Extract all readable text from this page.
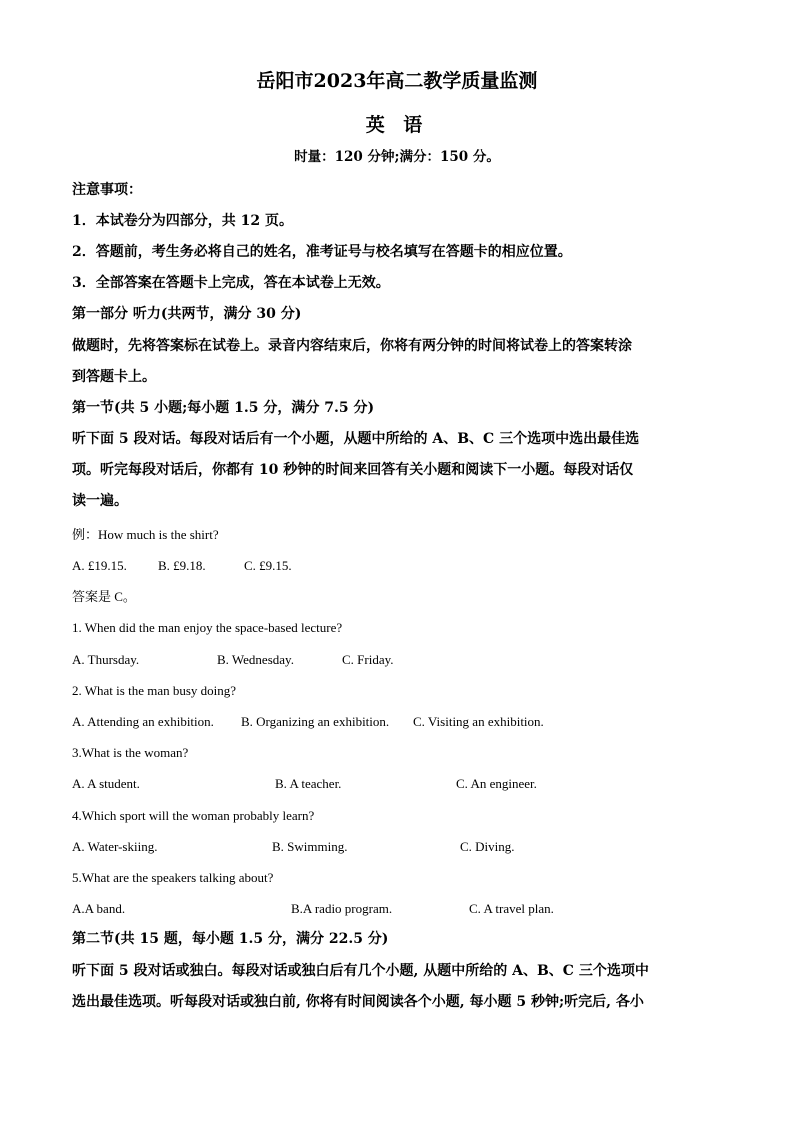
岳阳市2023年高二教学质量监测
英 语
时量：120 分钟;满分：150 分。
注意事项：
1．本试卷分为四部分，共 12 页。
2．答题前，考生务必将自己的姓名，准考证号与校名填写在答题卡的相应位置。
3．全部答案在答题卡上完成，答在本试卷上无效。
第一部分 听力(共两节，满分 30 分)
做题时，先将答案标在试卷上。录音内容结束后，你将有两分钟的时间将试卷上的答案转涂
到答题卡上。
第一节(共 5 小题;每小题 1.5 分，满分 7.5 分)
听下面 5 段对话。每段对话后有一个小题，从题中所给的 A、B、C 三个选项中选出最佳选
项。听完每段对话后，你都有 10 秒钟的时间来回答有关小题和阅读下一小题。每段对话仅
读一遍。
例：How much is the shirt?
A. £19.15. B. £9.18.	C. £9.15.
答案是 C。
1. When did the man enjoy the space-based lecture?
A. Thursday.	B. Wednesday.	C. Friday.
2. What is the man busy doing?
A. Attending an exhibition. B. Organizing an exhibition. C. Visiting an exhibition.
3.What is the woman?
A. A student.	B. A teacher.	C. An engineer.
4.Which sport will the woman probably learn?
A. Water-skiing.	B. Swimming.	C. Diving.
5.What are the speakers talking about?
A.A band.	B.A radio program.	C. A travel plan.
第二节(共 15 题，每小题 1.5 分，满分 22.5 分)
听下面 5 段对话或独白。每段对话或独白后有几个小题, 从题中所给的 A、B、C 三个选项中
选出最佳选项。听每段对话或独白前, 你将有时间阅读各个小题, 每小题 5 秒钟;听完后, 各小
